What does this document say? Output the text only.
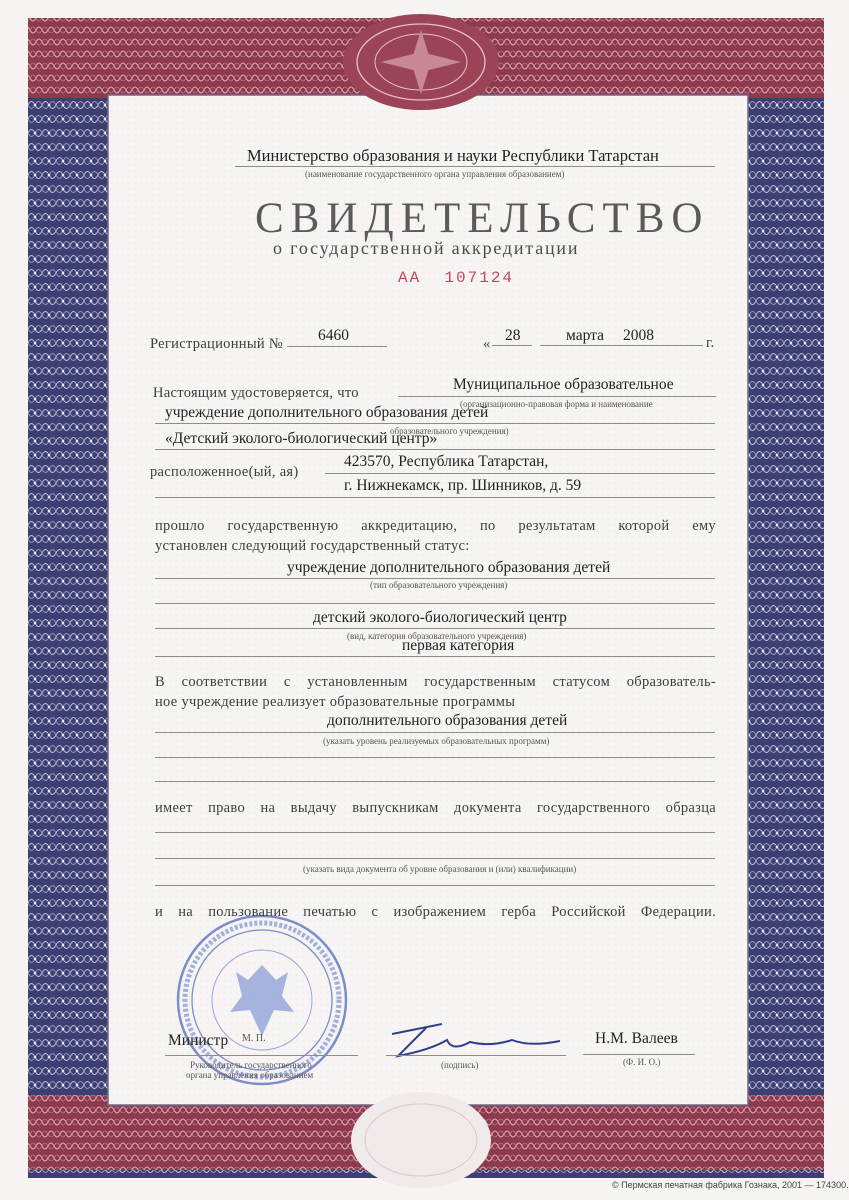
Министерство образования и науки Республики Татарстан
(наименование государственного органа управления образованием)
СВИДЕТЕЛЬСТВО
о государственной аккредитации
АА 107124
Регистрационный № 6460	« 28	марта 2008	г.
Настоящим удостоверяется, что	Муниципальное образовательное
(организационно-правовая форма и наименование
учреждение дополнительного образования детей
образовательного учреждения)
«Детский эколого-биологический центр»
расположенное(ый, ая)
423570, Республика Татарстан,
г. Нижнекамск, пр. Шинников, д. 59
прошло государственную аккредитацию, по результатам которой ему
установлен следующий государственный статус:
учреждение дополнительного образования детей
(тип образовательного учреждения)
детский эколого-биологический центр
(вид, категория образовательного учреждения)
первая категория
В соответствии с установленным государственным статусом образователь-
ное учреждение реализует образовательные программы
дополнительного образования детей
(указать уровень реализуемых образовательных программ)
имеет право на выдачу выпускникам документа государственного образца
(указать вида документа об уровне образования и (или) квалификации)
и на пользование печатью с изображением герба Российской Федерации.
Министр М. П.
Руководитель государственного
органа управления образованием
(подпись)
Н.М. Валеев
(Ф. И. О.)
© Пермская печатная фабрика Гознака, 2001 — 174300.
